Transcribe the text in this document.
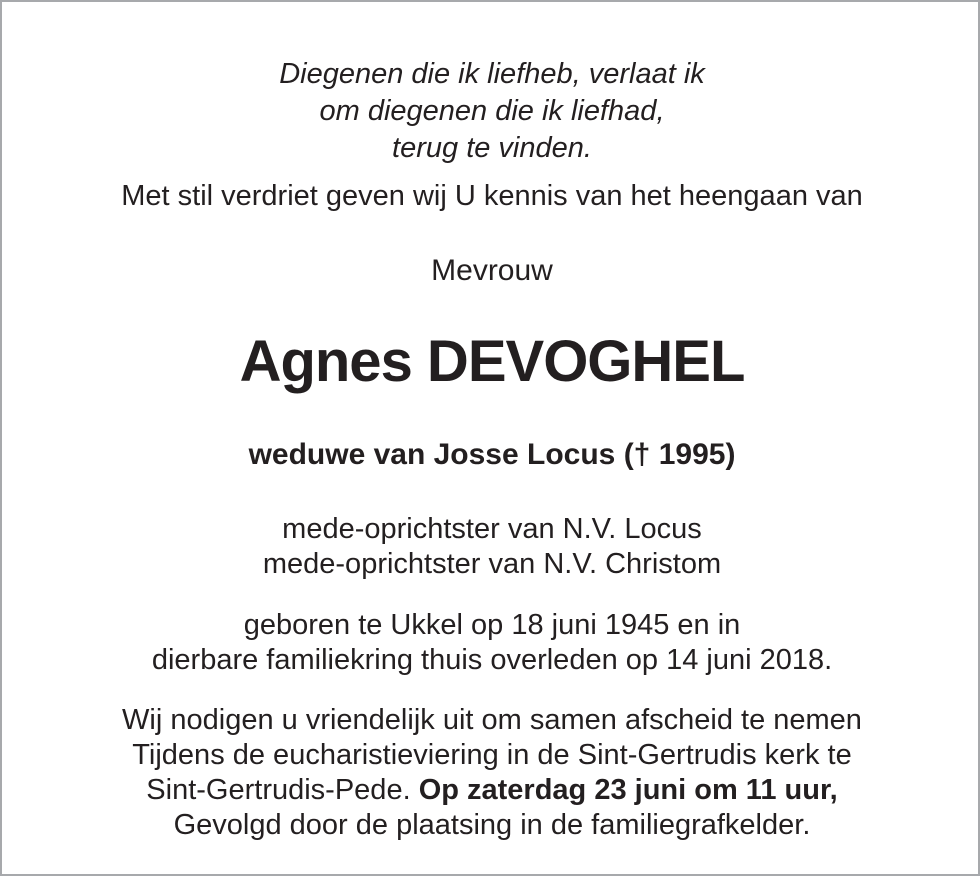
Diegenen die ik liefheb, verlaat ik
om diegenen die ik liefhad,
terug te vinden.

Met stil verdriet geven wij U kennis van het heengaan van

Mevrouw

Agnes DEVOGHEL

weduwe van Josse Locus († 1995)

mede-oprichtster van N.V. Locus
mede-oprichtster van N.V. Christom

geboren te Ukkel op 18 juni 1945 en in
dierbare familiekring thuis overleden op 14 juni 2018.

Wij nodigen u vriendelijk uit om samen afscheid te nemen
Tijdens de eucharistieviering in de Sint-Gertrudis kerk te
Sint-Gertrudis-Pede. Op zaterdag 23 juni om 11 uur,
Gevolgd door de plaatsing in de familiegrafkelder.
